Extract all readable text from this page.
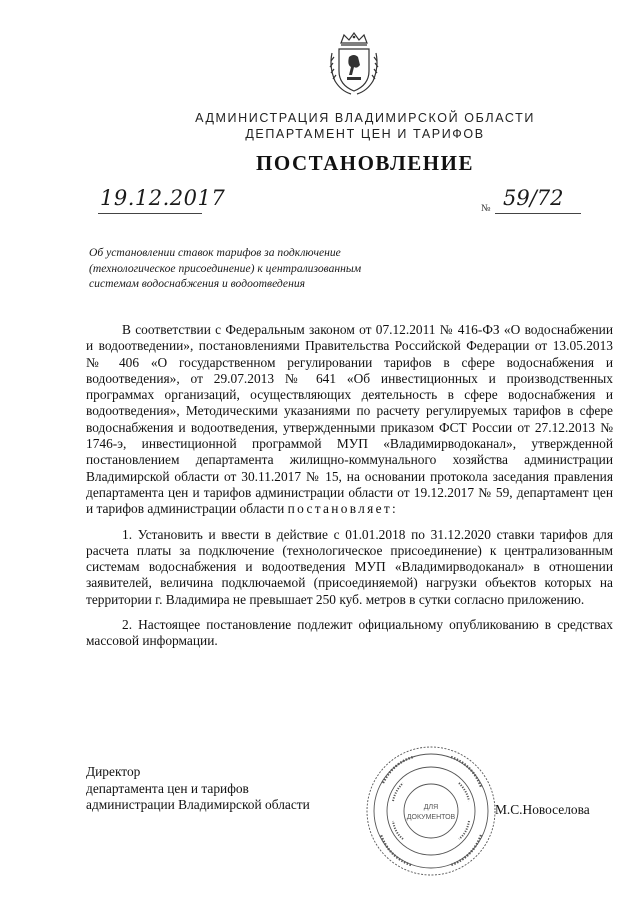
АДМИНИСТРАЦИЯ ВЛАДИМИРСКОЙ ОБЛАСТИ
ДЕПАРТАМЕНТ ЦЕН И ТАРИФОВ
ПОСТАНОВЛЕНИЕ
19.12.2017	№ 59/72
Об установлении ставок тарифов за подключение
(технологическое присоединение) к централизованным
системам водоснабжения и водоотведения

В соответствии с Федеральным законом от 07.12.2011 № 416-ФЗ «О водоснабжении и водоотведении», постановлениями Правительства Российской Федерации от 13.05.2013 № 406 «О государственном регулировании тарифов в сфере водоснабжения и водоотведения», от 29.07.2013 № 641 «Об инвестиционных и производственных программах организаций, осуществляющих деятельность в сфере водоснабжения и водоотведения», Методическими указаниями по расчету регулируемых тарифов в сфере водоснабжения и водоотведения, утвержденными приказом ФСТ России от 27.12.2013 № 1746-э, инвестиционной программой МУП «Владимирводоканал», утвержденной постановлением департамента жилищно-коммунального хозяйства администрации Владимирской области от 30.11.2017 № 15, на основании протокола заседания правления департамента цен и тарифов администрации области от 19.12.2017 № 59, департамент цен и тарифов администрации области постановляет:

1. Установить и ввести в действие с 01.01.2018 по 31.12.2020 ставки тарифов для расчета платы за подключение (технологическое присоединение) к централизованным системам водоснабжения и водоотведения МУП «Владимирводоканал» в отношении заявителей, величина подключаемой (присоединяемой) нагрузки объектов которых на территории г. Владимира не превышает 250 куб. метров в сутки согласно приложению.

2. Настоящее постановление подлежит официальному опубликованию в средствах массовой информации.

Директор
департамента цен и тарифов
администрации Владимирской области	ДЛЯ
ДОКУМЕНТОВ
М.С.Новоселова
